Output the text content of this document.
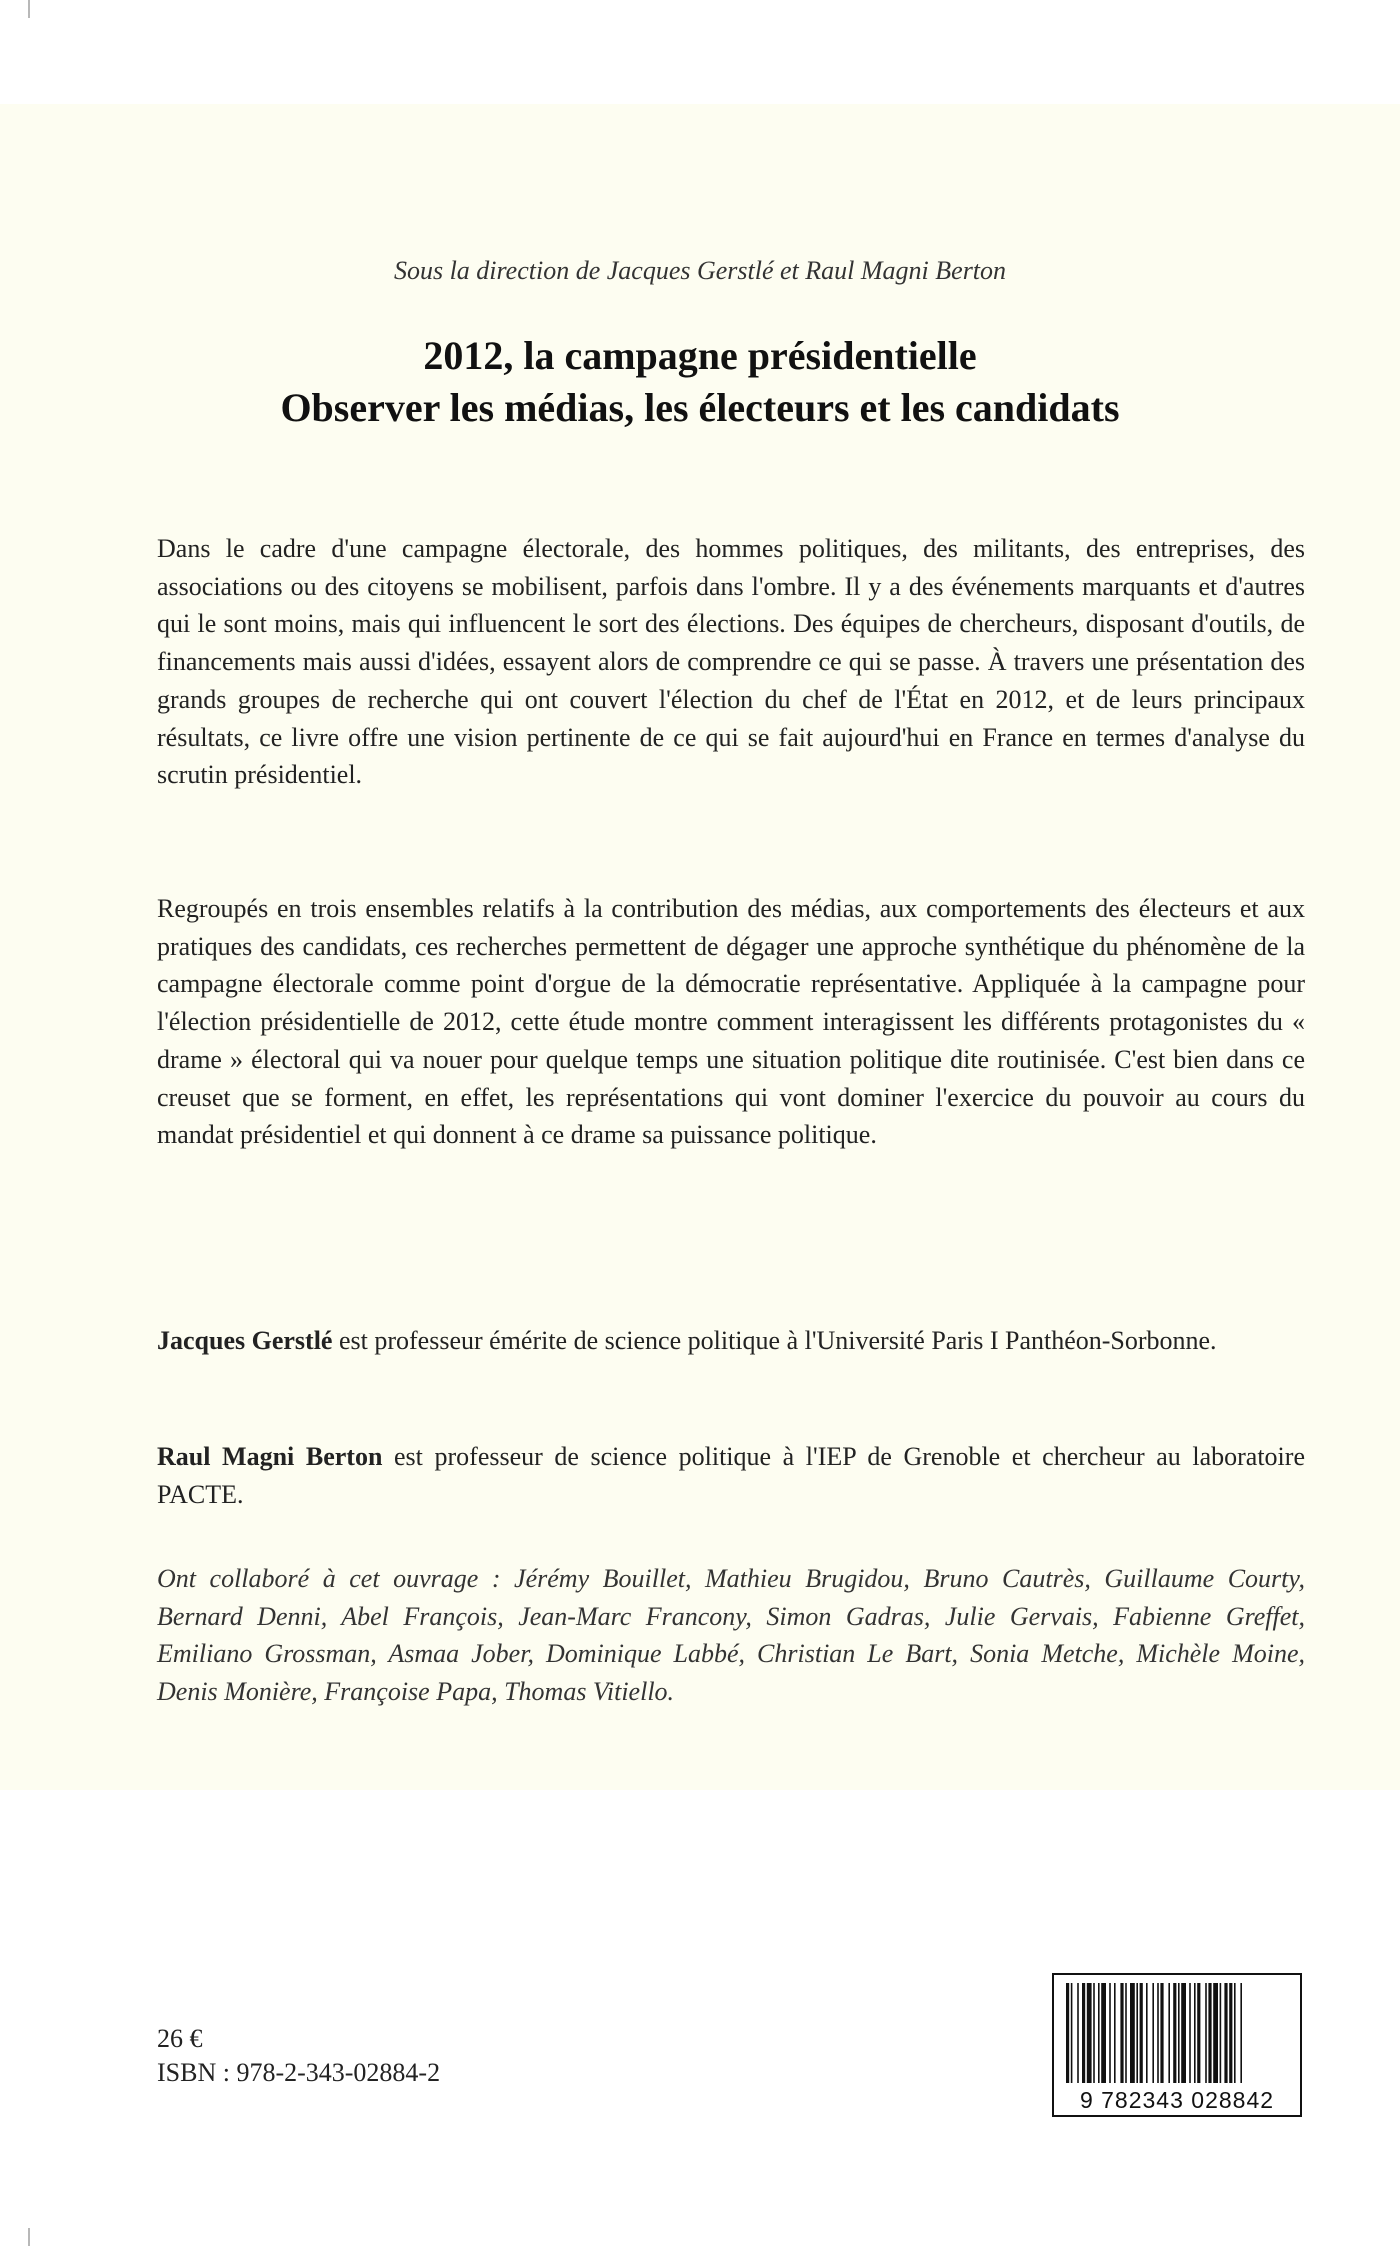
Sous la direction de Jacques Gerstlé et Raul Magni Berton
2012, la campagne présidentielle
Observer les médias, les électeurs et les candidats
Dans le cadre d'une campagne électorale, des hommes politiques, des militants, des entreprises, des associations ou des citoyens se mobilisent, parfois dans l'ombre. Il y a des événements marquants et d'autres qui le sont moins, mais qui influencent le sort des élections. Des équipes de chercheurs, disposant d'outils, de financements mais aussi d'idées, essayent alors de comprendre ce qui se passe. À travers une présentation des grands groupes de recherche qui ont couvert l'élection du chef de l'État en 2012, et de leurs principaux résultats, ce livre offre une vision pertinente de ce qui se fait aujourd'hui en France en termes d'analyse du scrutin présidentiel.
Regroupés en trois ensembles relatifs à la contribution des médias, aux comportements des électeurs et aux pratiques des candidats, ces recherches permettent de dégager une approche synthétique du phénomène de la campagne électorale comme point d'orgue de la démocratie représentative. Appliquée à la campagne pour l'élection présidentielle de 2012, cette étude montre comment interagissent les différents protagonistes du « drame » électoral qui va nouer pour quelque temps une situation politique dite routinisée. C'est bien dans ce creuset que se forment, en effet, les représentations qui vont dominer l'exercice du pouvoir au cours du mandat présidentiel et qui donnent à ce drame sa puissance politique.
Jacques Gerstlé est professeur émérite de science politique à l'Université Paris I Panthéon-Sorbonne.
Raul Magni Berton est professeur de science politique à l'IEP de Grenoble et chercheur au laboratoire PACTE.
Ont collaboré à cet ouvrage : Jérémy Bouillet, Mathieu Brugidou, Bruno Cautrès, Guillaume Courty, Bernard Denni, Abel François, Jean-Marc Francony, Simon Gadras, Julie Gervais, Fabienne Greffet, Emiliano Grossman, Asmaa Jober, Dominique Labbé, Christian Le Bart, Sonia Metche, Michèle Moine, Denis Monière, Françoise Papa, Thomas Vitiello.
26 €
ISBN : 978-2-343-02884-2
9 782343 028842
